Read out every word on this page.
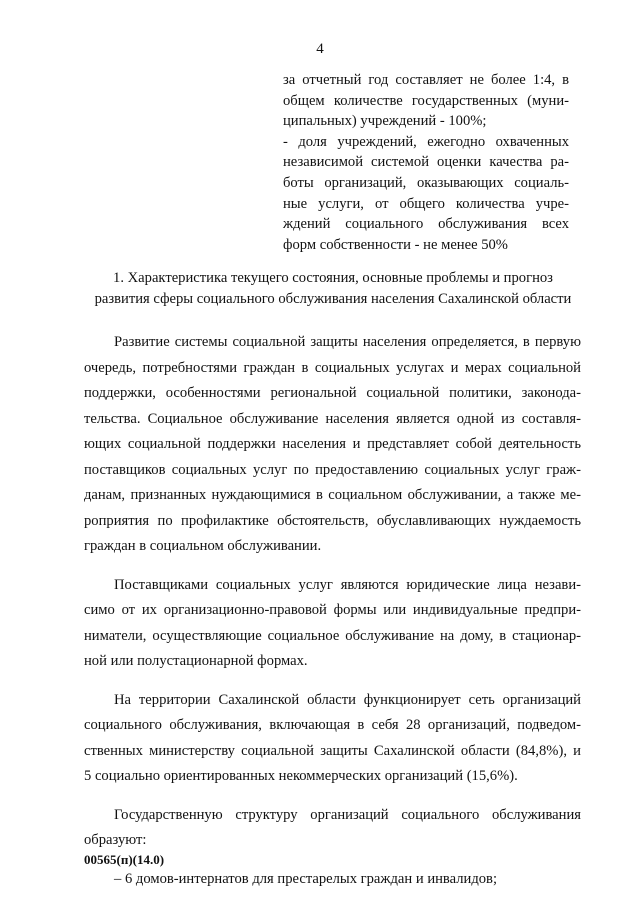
4
за отчетный год составляет не более 1:4, в
общем количестве государственных (муни-
ципальных) учреждений - 100%;
- доля учреждений, ежегодно охваченных
независимой системой оценки качества ра-
боты организаций, оказывающих социаль-
ные услуги, от общего количества учре-
ждений социального обслуживания всех
форм собственности - не менее 50%
1. Характеристика текущего состояния, основные проблемы и прогноз
развития сферы социального обслуживания населения Сахалинской области
Развитие системы социальной защиты населения определяется, в первую
очередь, потребностями граждан в социальных услугах и мерах социальной
поддержки, особенностями региональной социальной политики, законода-
тельства. Социальное обслуживание населения является одной из составля-
ющих социальной поддержки населения и представляет собой деятельность
поставщиков социальных услуг по предоставлению социальных услуг граж-
данам, признанных нуждающимися в социальном обслуживании, а также ме-
роприятия по профилактике обстоятельств, обуславливающих нуждаемость
граждан в социальном обслуживании.
Поставщиками социальных услуг являются юридические лица незави-
симо от их организационно-правовой формы или индивидуальные предпри-
ниматели, осуществляющие социальное обслуживание на дому, в стационар-
ной или полустационарной формах.
На территории Сахалинской области функционирует сеть организаций
социального обслуживания, включающая в себя 28 организаций, подведом-
ственных министерству социальной защиты Сахалинской области (84,8%), и
5 социально ориентированных некоммерческих организаций (15,6%).
Государственную структуру организаций социального обслуживания
образуют:
– 6 домов-интернатов для престарелых граждан и инвалидов;
00565(п)(14.0)
